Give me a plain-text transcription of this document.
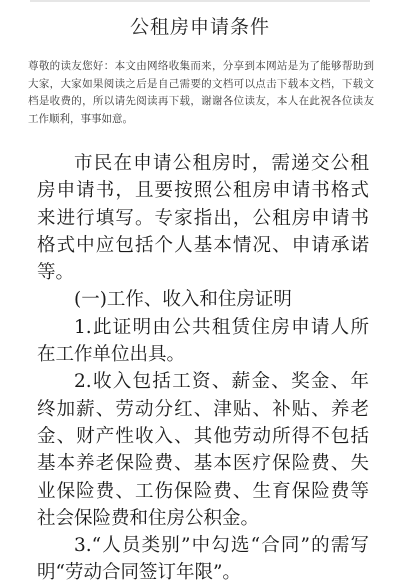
公租房申请条件
尊敬的读友您好：本文由网络收集而来，分享到本网站是为了能够帮助到大家，大家如果阅读之后是自己需要的文档可以点击下载本文档，下载文档是收费的，所以请先阅读再下载，谢谢各位读友，本人在此祝各位读友工作顺利，事事如意。

市民在申请公租房时，需递交公租房申请书，且要按照公租房申请书格式来进行填写。专家指出，公租房申请书格式中应包括个人基本情况、申请承诺等。

(一)工作、收入和住房证明

1.此证明由公共租赁住房申请人所在工作单位出具。

2.收入包括工资、薪金、奖金、年终加薪、劳动分红、津贴、补贴、养老金、财产性收入、其他劳动所得不包括基本养老保险费、基本医疗保险费、失业保险费、工伤保险费、生育保险费等社会保险费和住房公积金。

3.“人员类别”中勾选“合同”的需写明“劳动合同签订年限”。
